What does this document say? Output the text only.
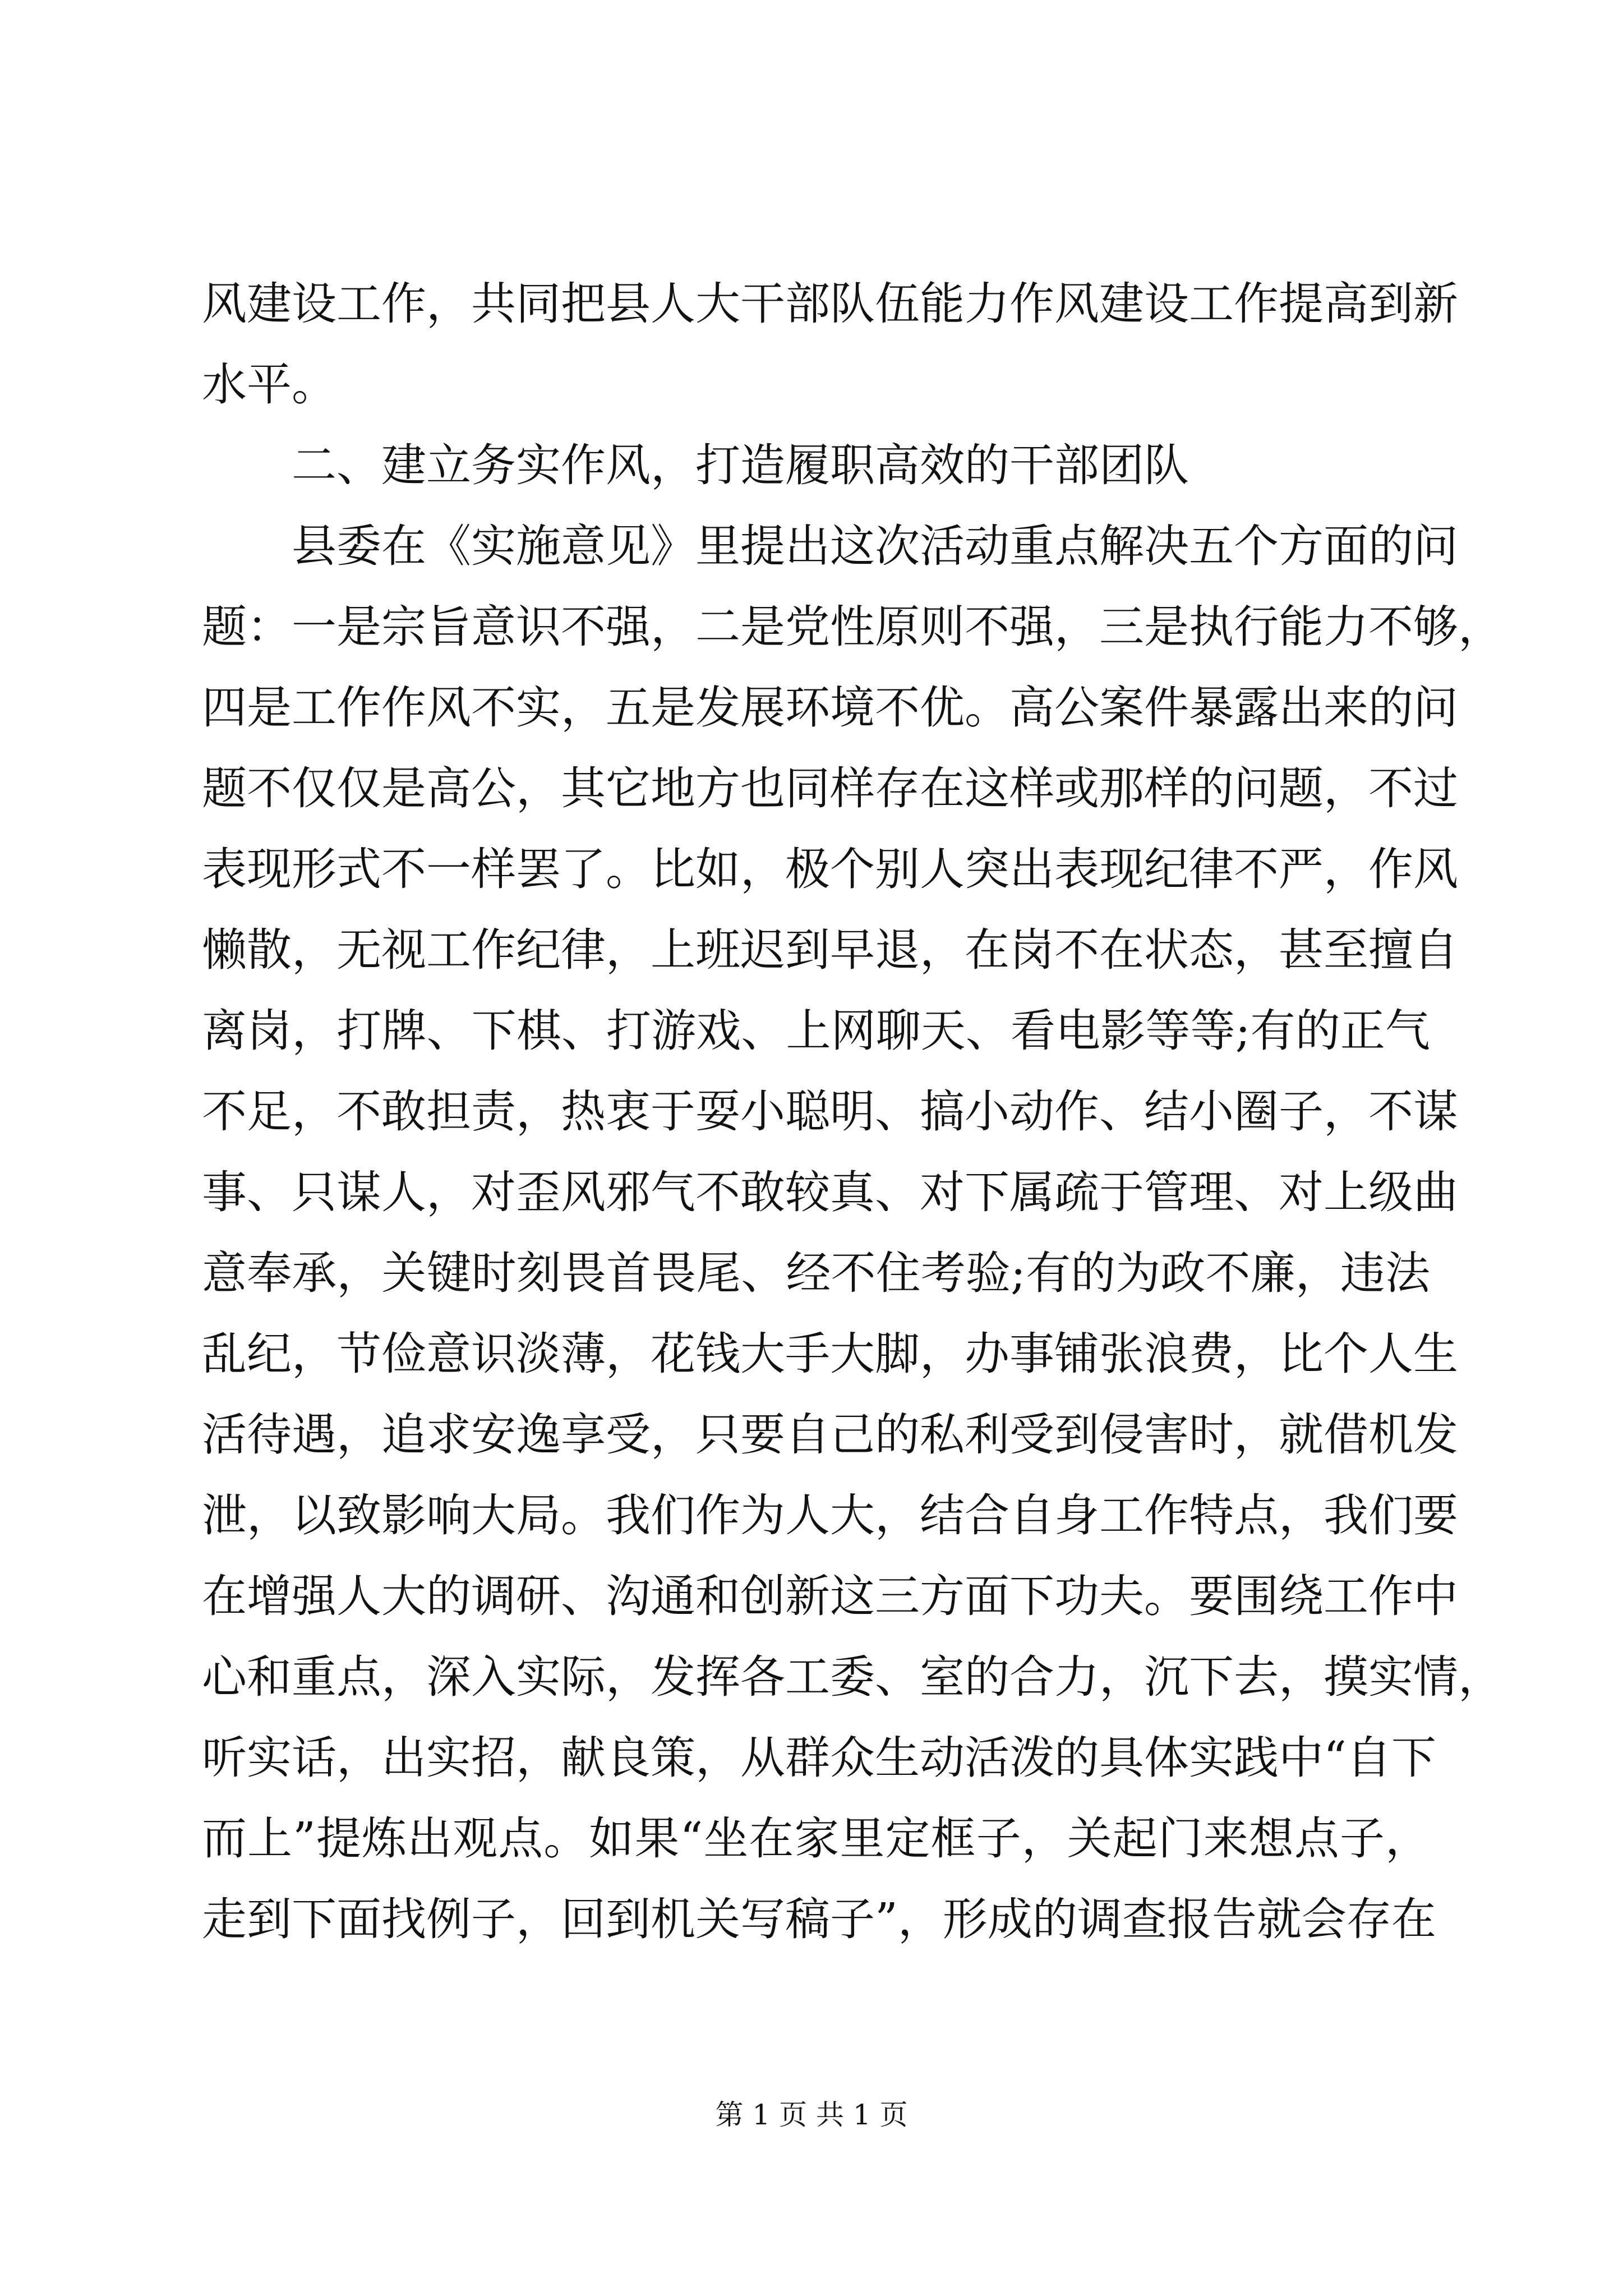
风建设工作，共同把县人大干部队伍能力作风建设工作提高到新
水平。
二、建立务实作风，打造履职高效的干部团队
县委在《实施意见》里提出这次活动重点解决五个方面的问
题：一是宗旨意识不强，二是党性原则不强，三是执行能力不够，
四是工作作风不实，五是发展环境不优。高公案件暴露出来的问
题不仅仅是高公，其它地方也同样存在这样或那样的问题，不过
表现形式不一样罢了。比如，极个别人突出表现纪律不严，作风
懒散，无视工作纪律，上班迟到早退，在岗不在状态，甚至擅自
离岗，打牌、下棋、打游戏、上网聊天、看电影等等;有的正气
不足，不敢担责，热衷于耍小聪明、搞小动作、结小圈子，不谋
事、只谋人，对歪风邪气不敢较真、对下属疏于管理、对上级曲
意奉承，关键时刻畏首畏尾、经不住考验;有的为政不廉，违法
乱纪，节俭意识淡薄，花钱大手大脚，办事铺张浪费，比个人生
活待遇，追求安逸享受，只要自己的私利受到侵害时，就借机发
泄，以致影响大局。我们作为人大，结合自身工作特点，我们要
在增强人大的调研、沟通和创新这三方面下功夫。要围绕工作中
心和重点，深入实际，发挥各工委、室的合力，沉下去，摸实情，
听实话，出实招，献良策，从群众生动活泼的具体实践中“自下
而上”提炼出观点。如果“坐在家里定框子，关起门来想点子，
走到下面找例子，回到机关写稿子”，形成的调查报告就会存在
第 1 页 共 1 页
